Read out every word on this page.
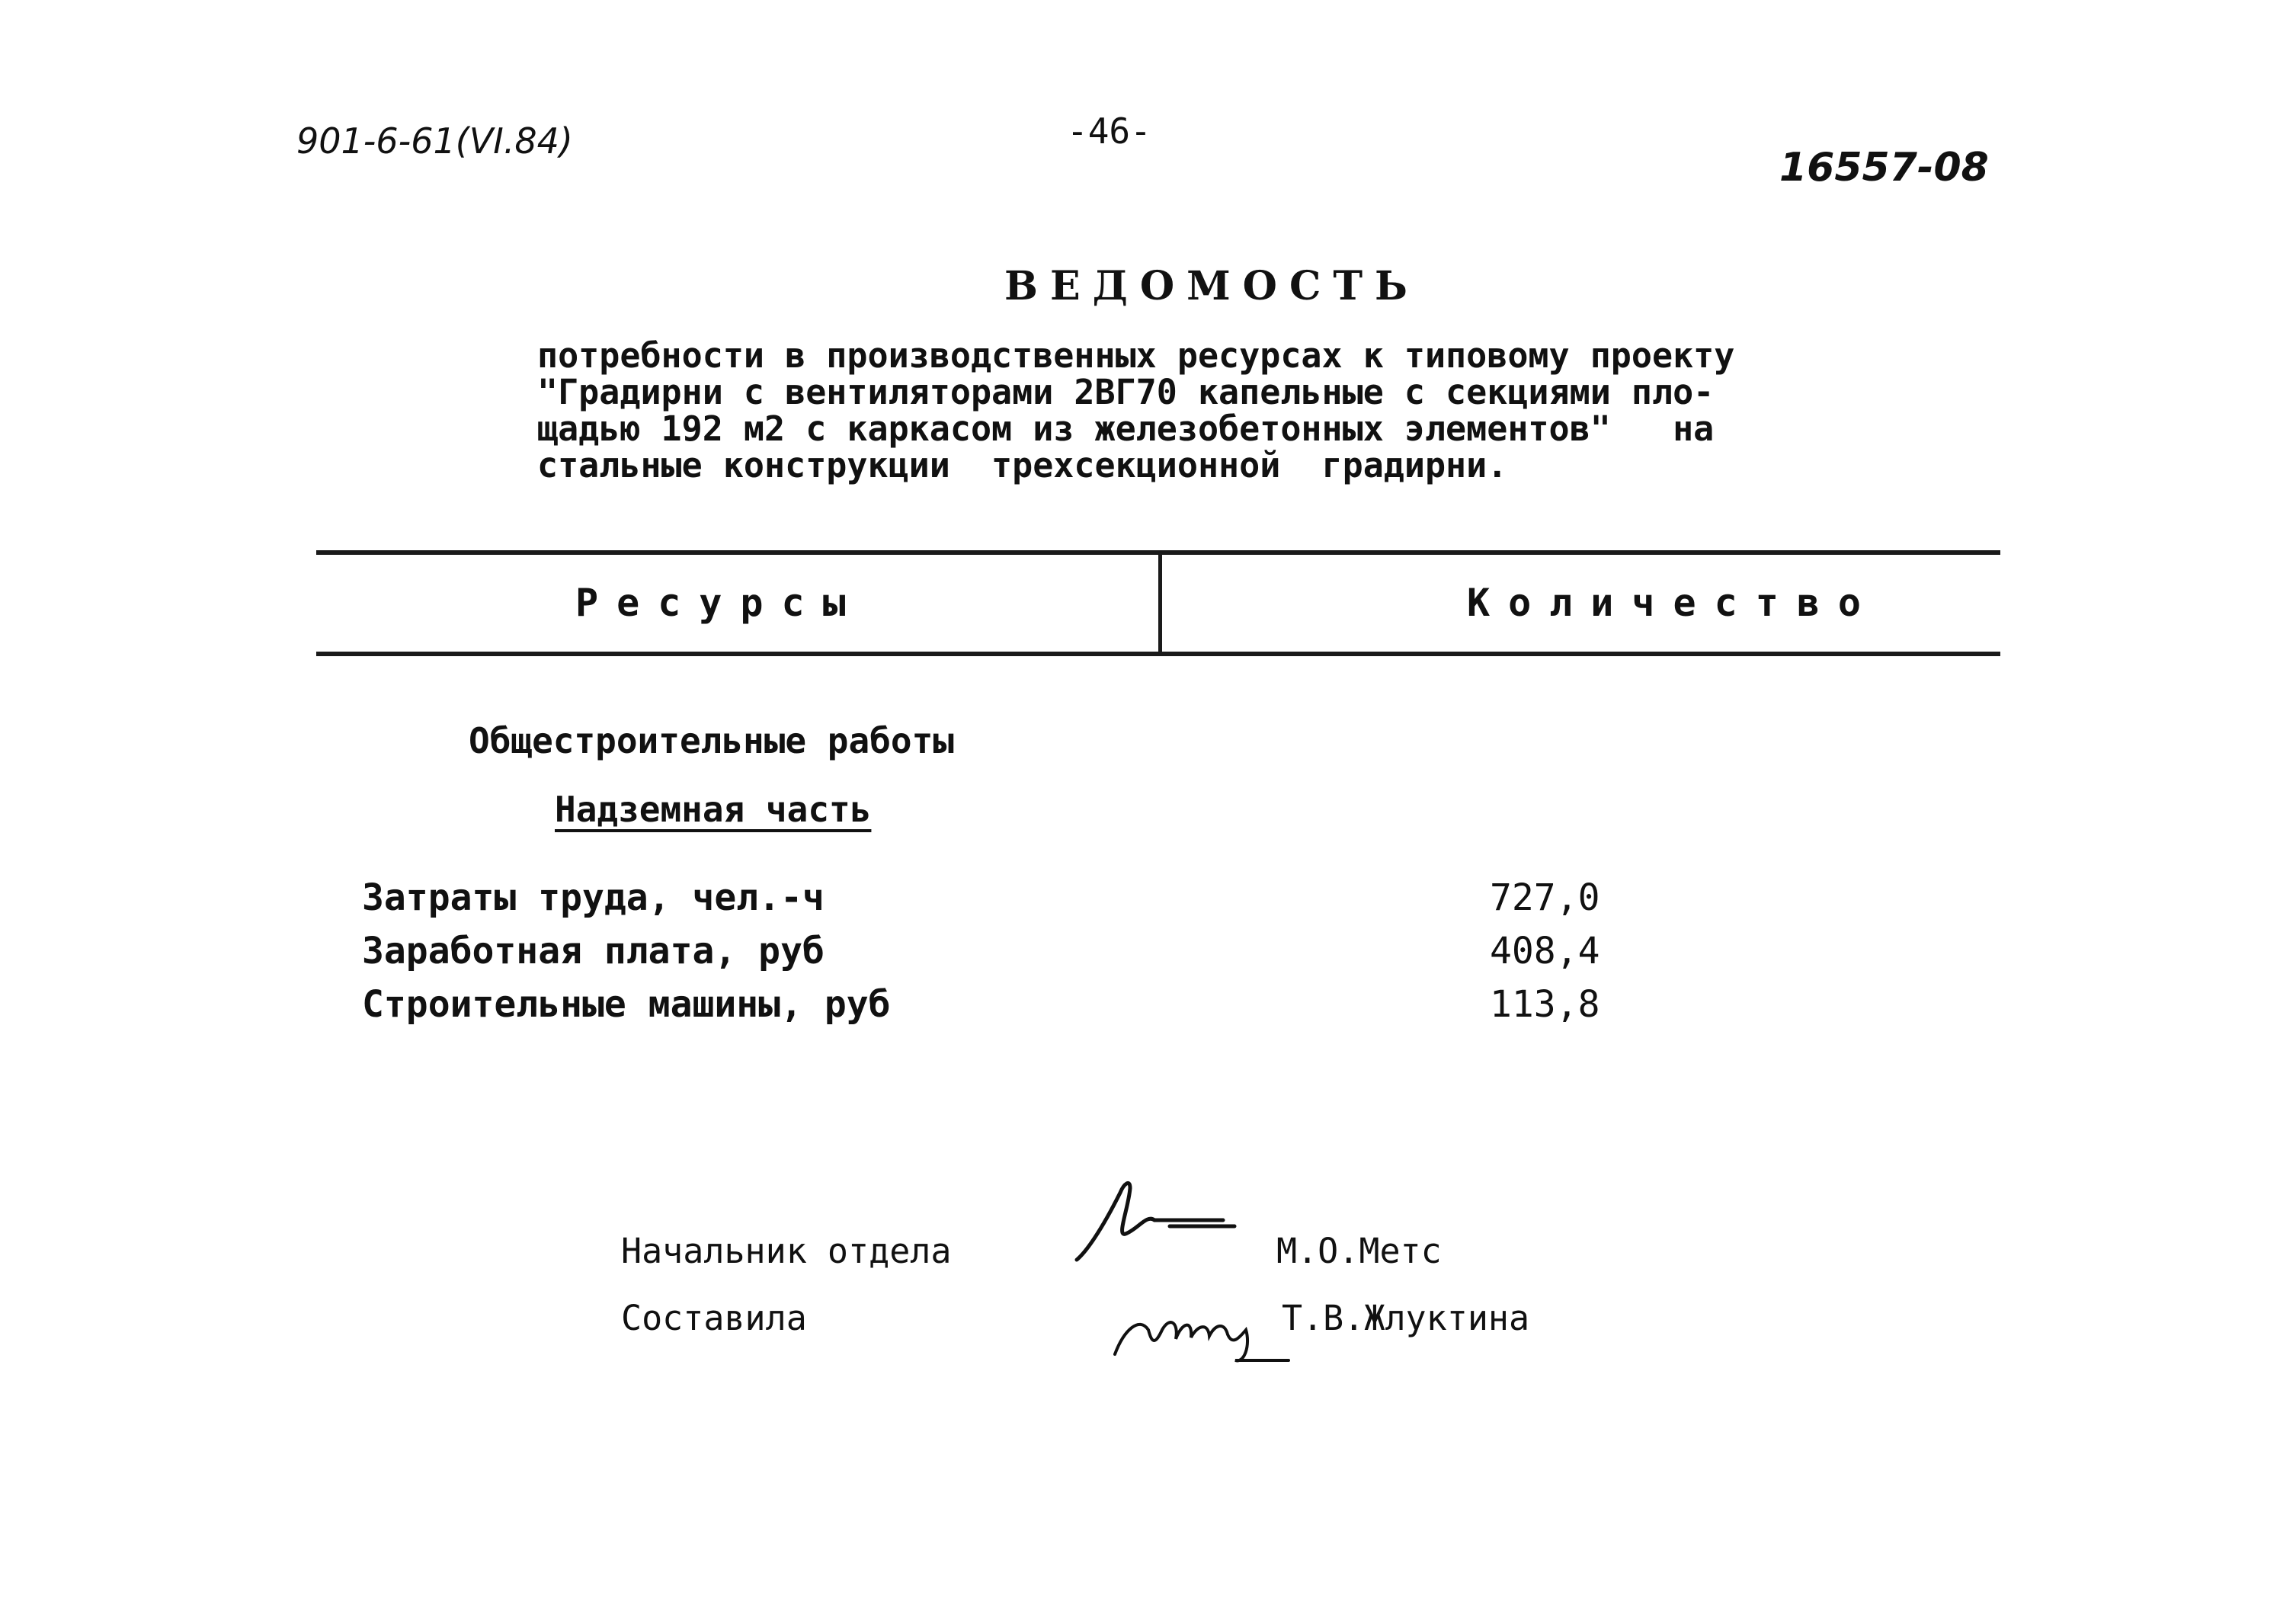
901-6-61(VI.84)	-46-
16557-08
ВЕДОМОСТЬ
потребности в производственных ресурсах к типовому проекту
"Градирни с вентиляторами 2ВГ70 капельные с секциями пло-
щадью 192 м2 с каркасом из железобетонных элементов"   на
стальные конструкции  трехсекционной  градирни.
Ресурсы	Количество
Общестроительные работы
Надземная часть
Затраты труда, чел.-ч	727,0
Заработная плата, руб	408,4
Строительные машины, руб	113,8
Начальник отдела	М.О.Метс
Составила	Т.В.Жлуктина
